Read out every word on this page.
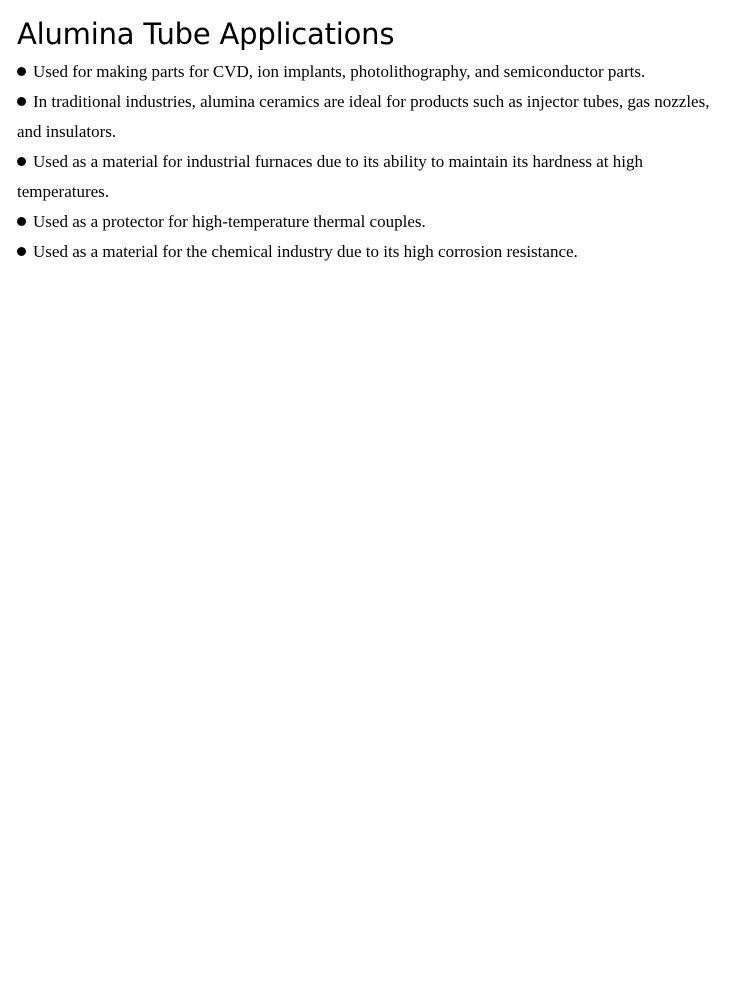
Alumina Tube Applications
Used for making parts for CVD, ion implants, photolithography, and semiconductor parts.
In traditional industries, alumina ceramics are ideal for products such as injector tubes, gas nozzles, and insulators.
Used as a material for industrial furnaces due to its ability to maintain its hardness at high temperatures.
Used as a protector for high-temperature thermal couples.
Used as a material for the chemical industry due to its high corrosion resistance.
